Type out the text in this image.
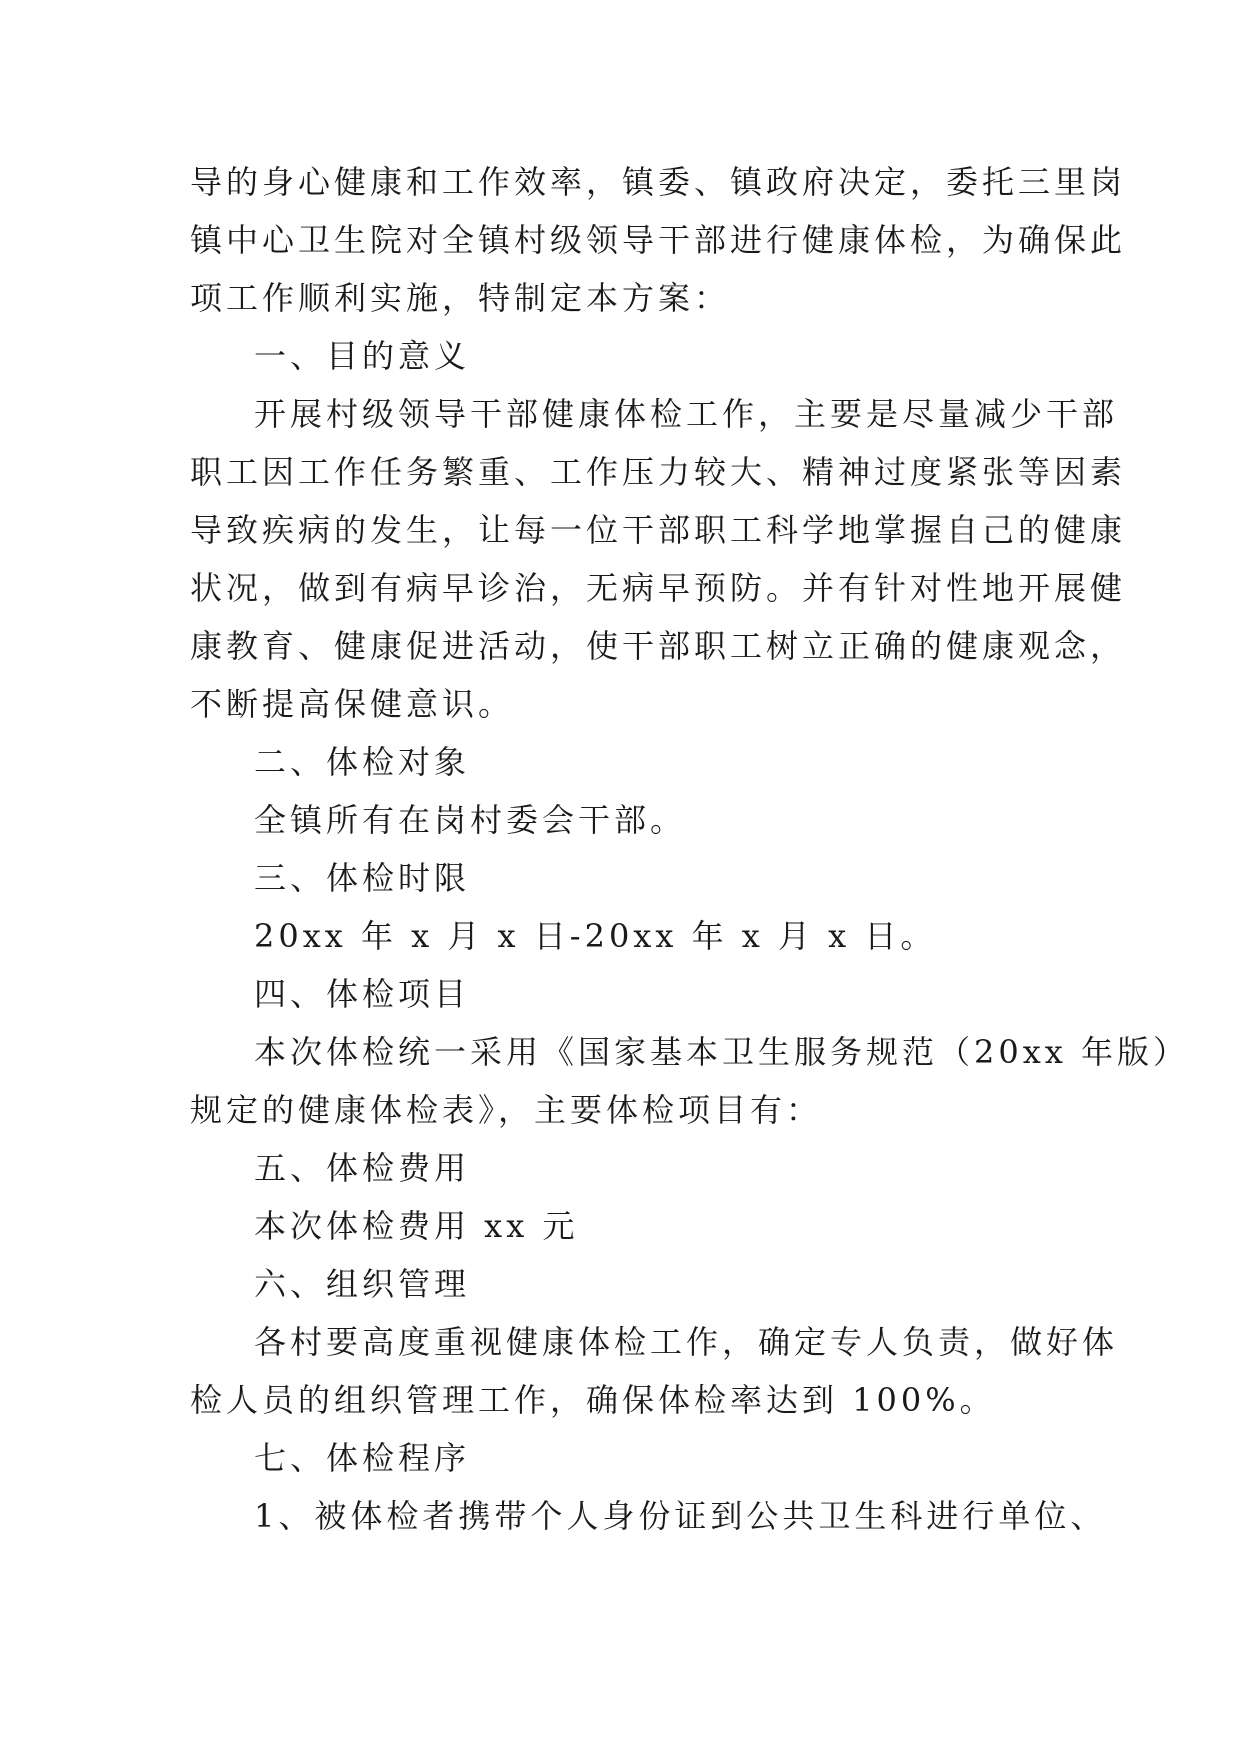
导的身心健康和工作效率，镇委、镇政府决定，委托三里岗
镇中心卫生院对全镇村级领导干部进行健康体检，为确保此
项工作顺利实施，特制定本方案：
一、目的意义
开展村级领导干部健康体检工作，主要是尽量减少干部
职工因工作任务繁重、工作压力较大、精神过度紧张等因素
导致疾病的发生，让每一位干部职工科学地掌握自己的健康
状况，做到有病早诊治，无病早预防。并有针对性地开展健
康教育、健康促进活动，使干部职工树立正确的健康观念，
不断提高保健意识。
二、体检对象
全镇所有在岗村委会干部。
三、体检时限
20xx 年 x 月 x 日-20xx 年 x 月 x 日。
四、体检项目
本次体检统一采用《国家基本卫生服务规范（20xx 年版）
规定的健康体检表》，主要体检项目有：
五、体检费用
本次体检费用 xx 元
六、组织管理
各村要高度重视健康体检工作，确定专人负责，做好体
检人员的组织管理工作，确保体检率达到 100%。
七、体检程序
1、被体检者携带个人身份证到公共卫生科进行单位、
